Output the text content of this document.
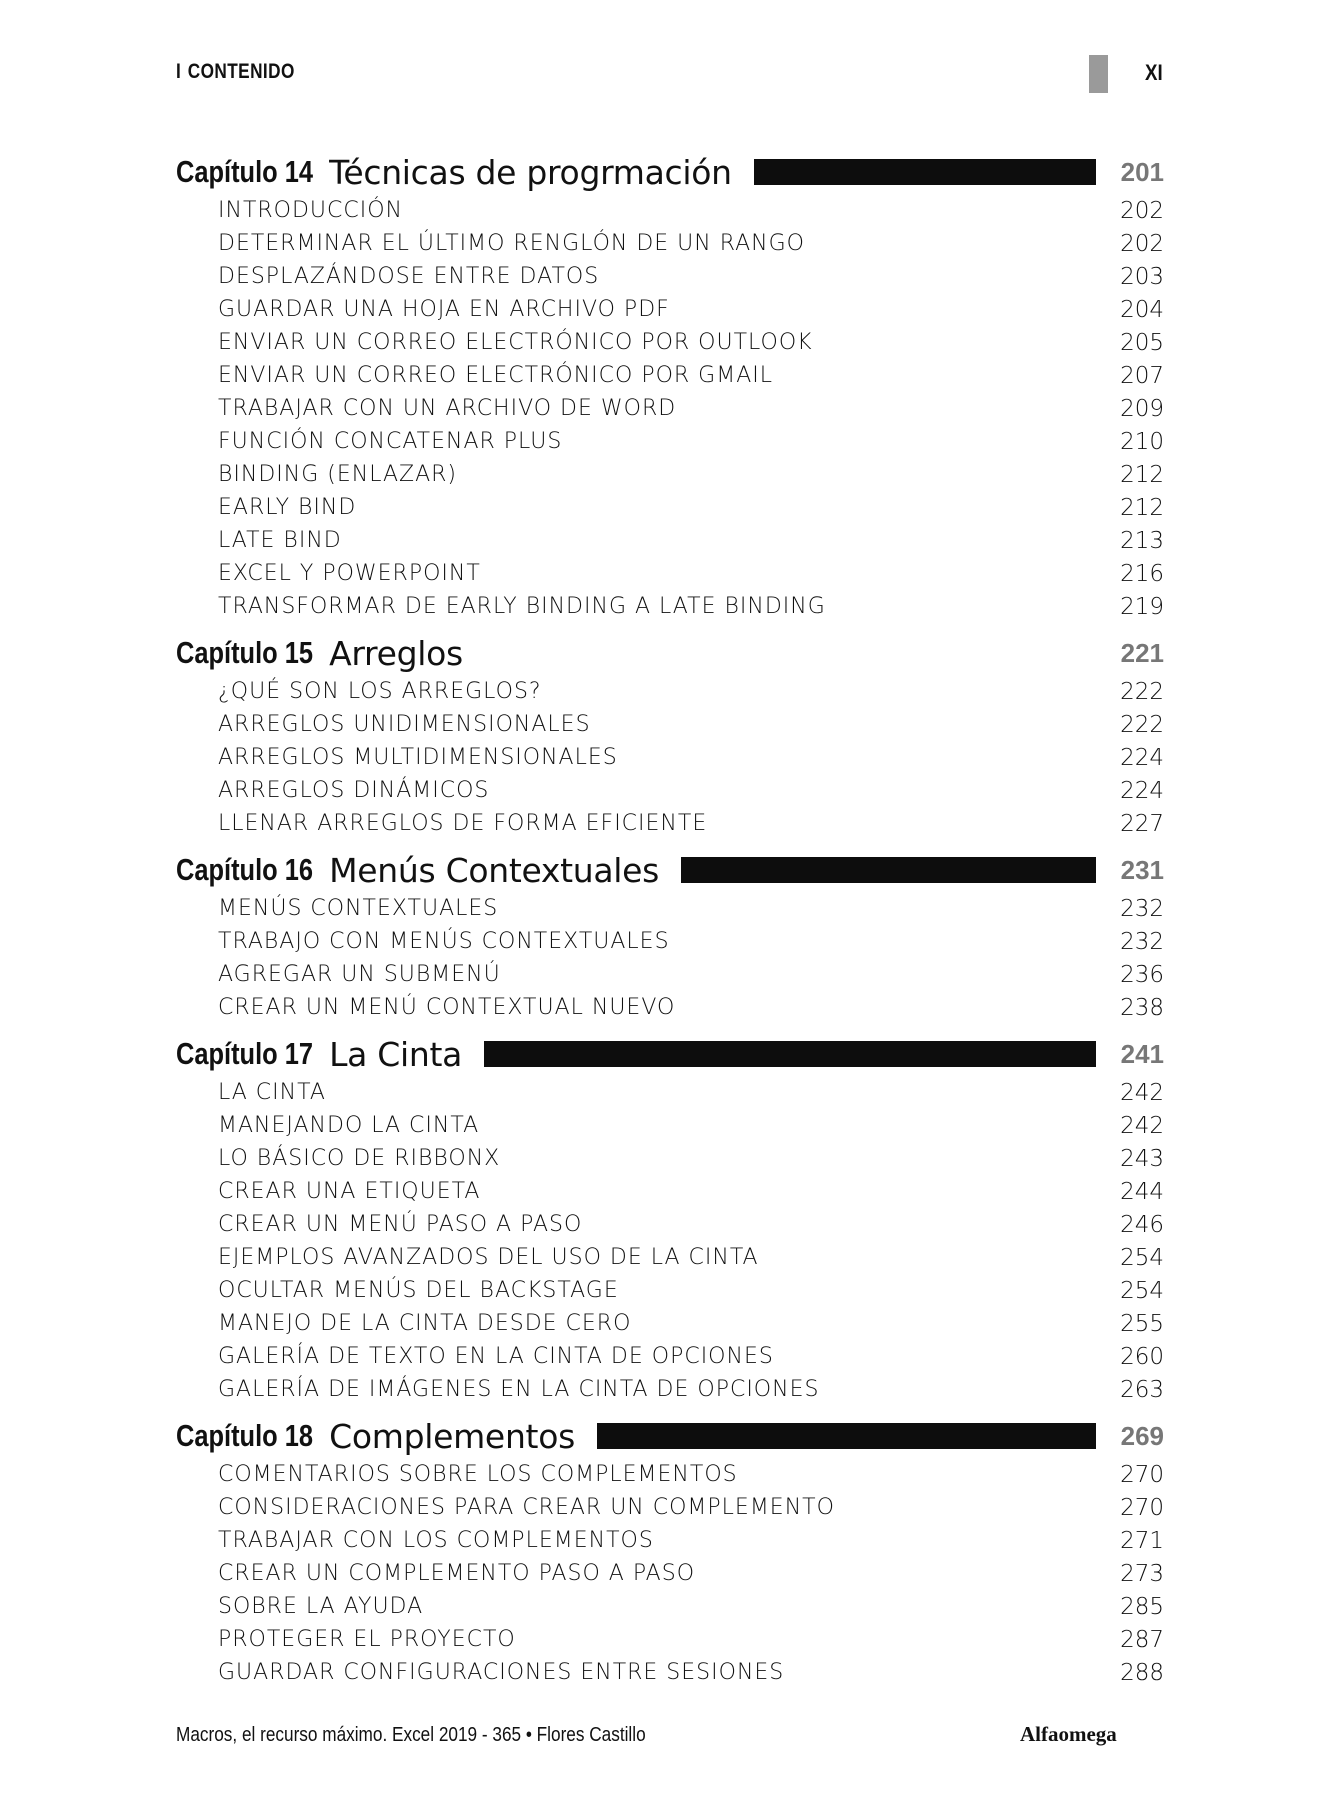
I CONTENIDO	XI
Capítulo 14 Técnicas de progrmación	201
INTRODUCCIÓN	202
DETERMINAR EL ÚLTIMO RENGLÓN DE UN RANGO	202
DESPLAZÁNDOSE ENTRE DATOS	203
GUARDAR UNA HOJA EN ARCHIVO PDF	204
ENVIAR UN CORREO ELECTRÓNICO POR OUTLOOK	205
ENVIAR UN CORREO ELECTRÓNICO POR GMAIL	207
TRABAJAR CON UN ARCHIVO DE WORD	209
FUNCIÓN CONCATENAR PLUS	210
BINDING (ENLAZAR)	212
EARLY BIND	212
LATE BIND	213
EXCEL Y POWERPOINT	216
TRANSFORMAR DE EARLY BINDING A LATE BINDING	219
Capítulo 15 Arreglos	221
¿QUÉ SON LOS ARREGLOS?	222
ARREGLOS UNIDIMENSIONALES	222
ARREGLOS MULTIDIMENSIONALES	224
ARREGLOS DINÁMICOS	224
LLENAR ARREGLOS DE FORMA EFICIENTE	227
Capítulo 16 Menús Contextuales	231
MENÚS CONTEXTUALES	232
TRABAJO CON MENÚS CONTEXTUALES	232
AGREGAR UN SUBMENÚ	236
CREAR UN MENÚ CONTEXTUAL NUEVO	238
Capítulo 17 La Cinta	241
LA CINTA	242
MANEJANDO LA CINTA	242
LO BÁSICO DE RIBBONX	243
CREAR UNA ETIQUETA	244
CREAR UN MENÚ PASO A PASO	246
EJEMPLOS AVANZADOS DEL USO DE LA CINTA	254
OCULTAR MENÚS DEL BACKSTAGE	254
MANEJO DE LA CINTA DESDE CERO	255
GALERÍA DE TEXTO EN LA CINTA DE OPCIONES	260
GALERÍA DE IMÁGENES EN LA CINTA DE OPCIONES	263
Capítulo 18 Complementos	269
COMENTARIOS SOBRE LOS COMPLEMENTOS	270
CONSIDERACIONES PARA CREAR UN COMPLEMENTO	270
TRABAJAR CON LOS COMPLEMENTOS	271
CREAR UN COMPLEMENTO PASO A PASO	273
SOBRE LA AYUDA	285
PROTEGER EL PROYECTO	287
GUARDAR CONFIGURACIONES ENTRE SESIONES	288
Macros, el recurso máximo. Excel 2019 - 365 • Flores Castillo	Alfaomega
